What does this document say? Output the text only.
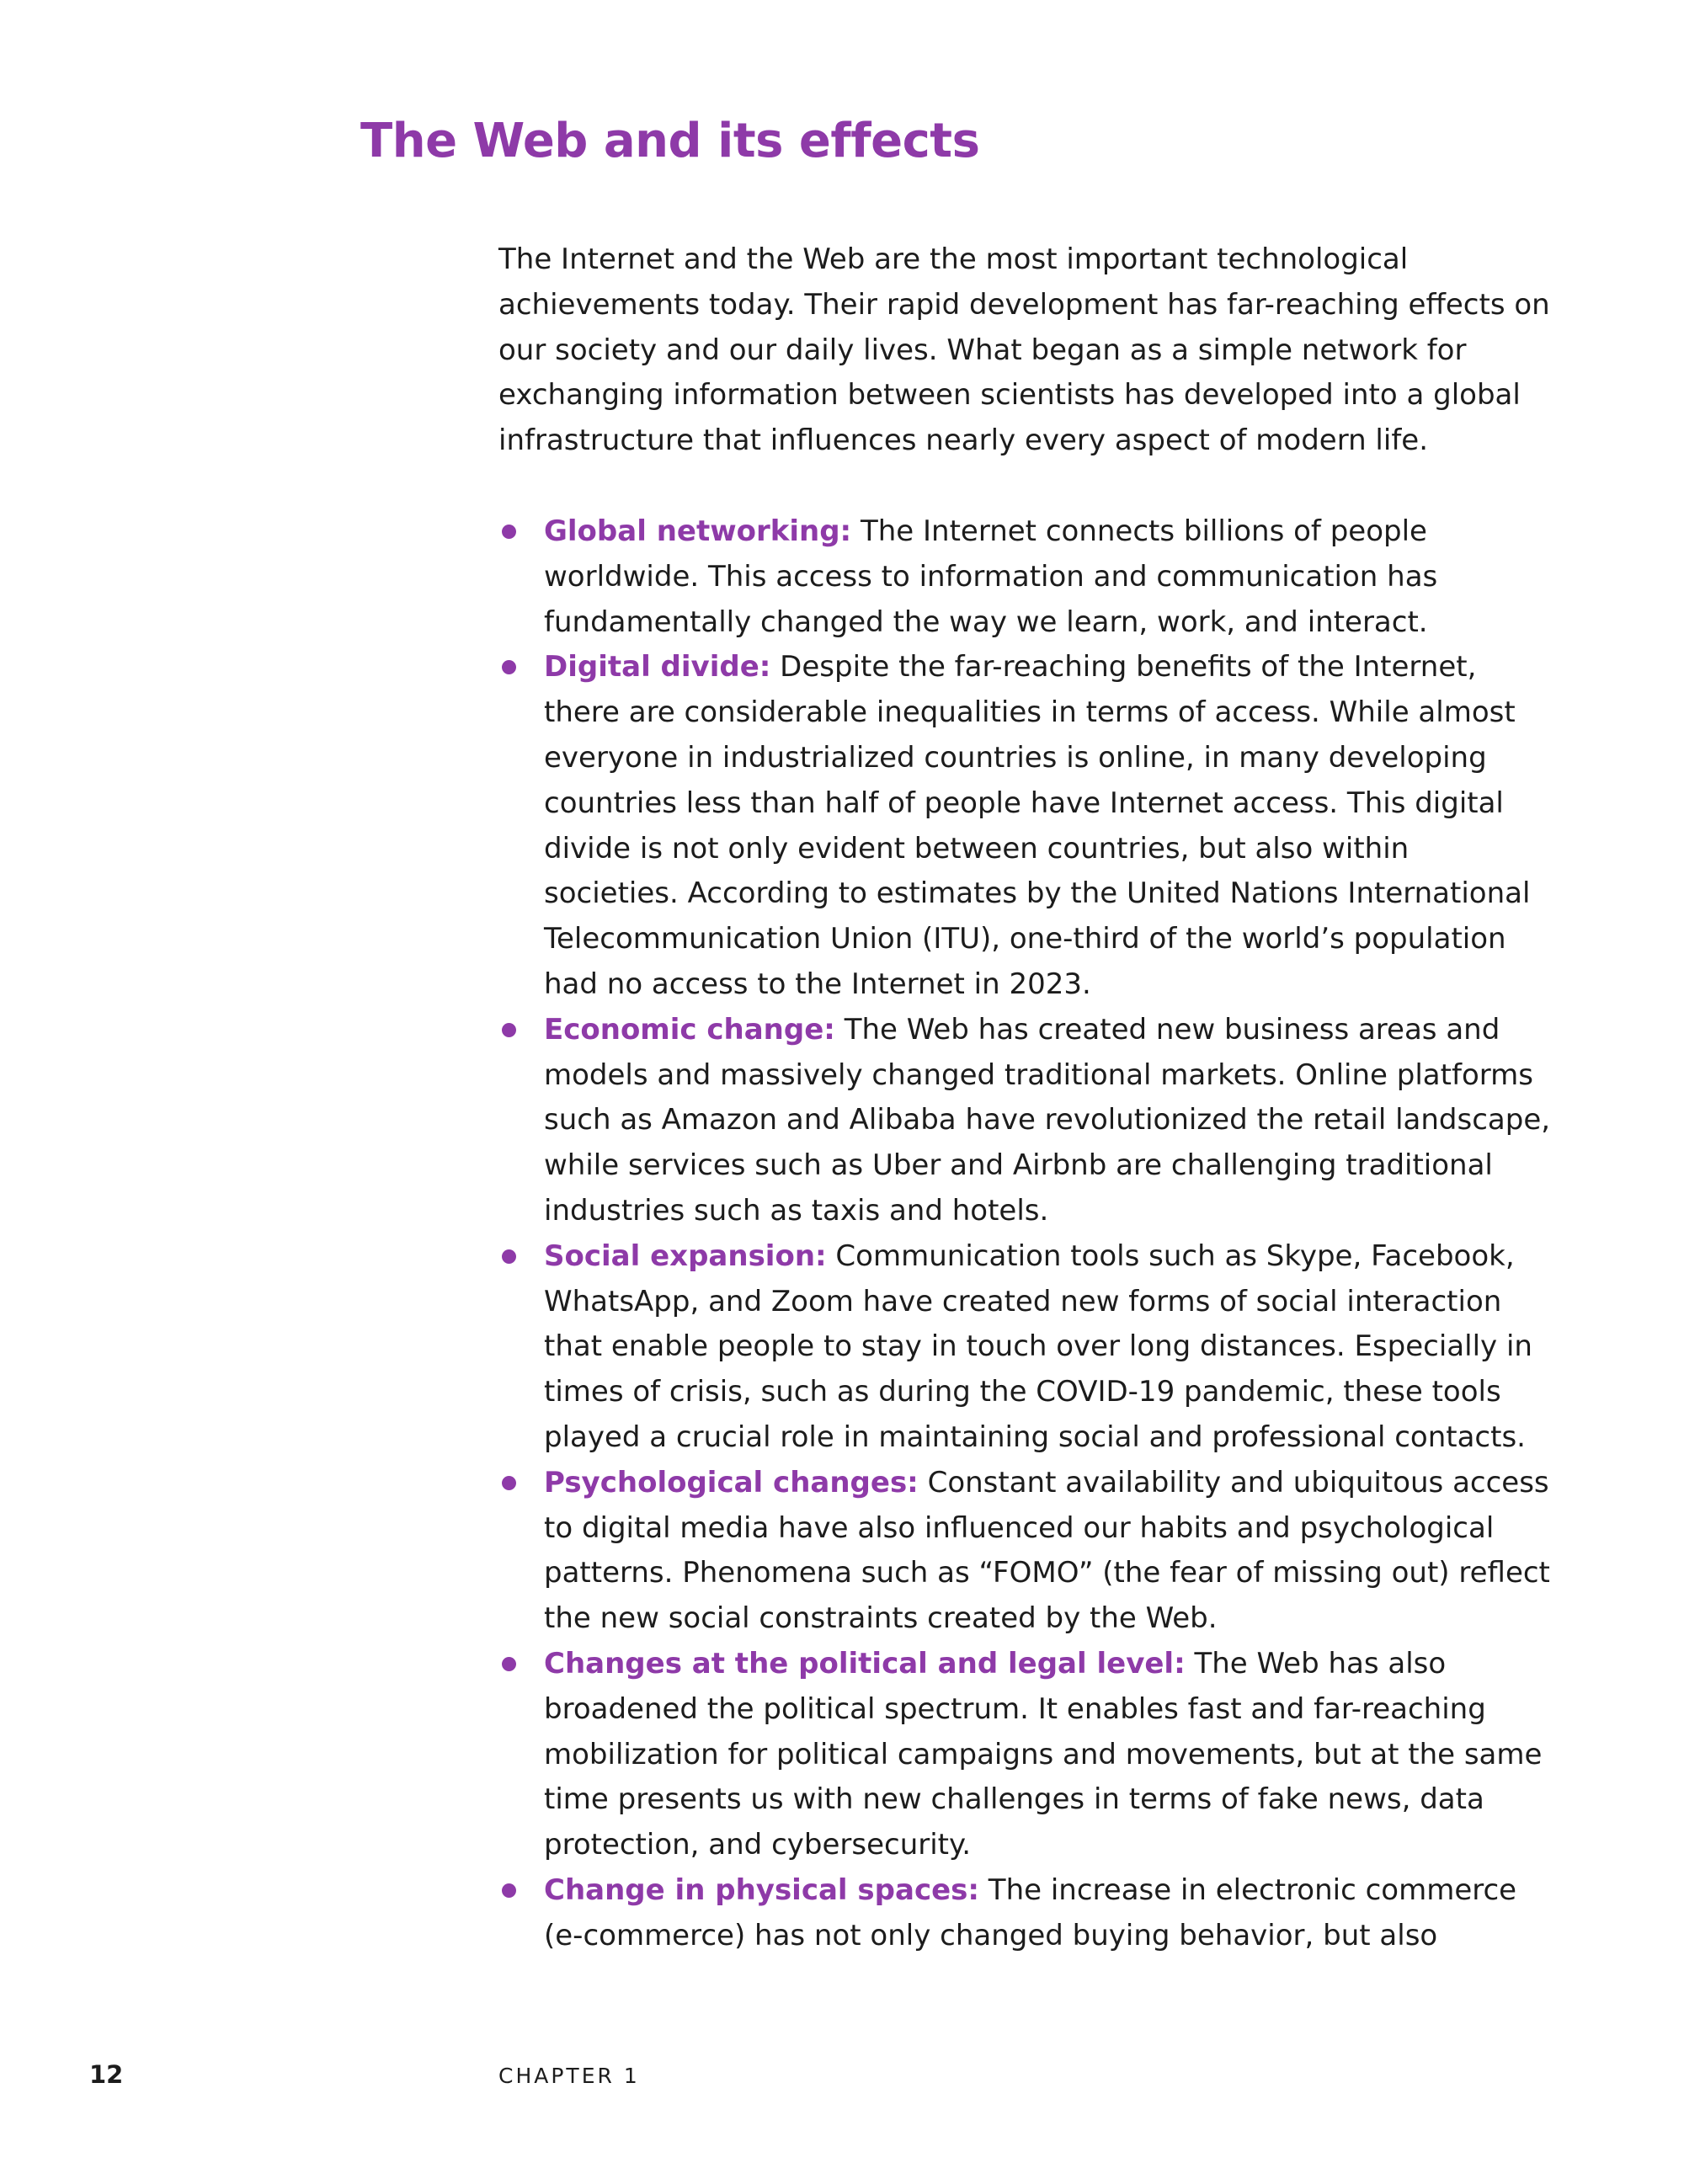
The Web and its effects

The Internet and the Web are the most important technological achievements today. Their rapid development has far-reaching effects on our society and our daily lives. What began as a simple network for exchanging information between scientists has developed into a global infrastructure that influences nearly every aspect of modern life.

Global networking: The Internet connects billions of people worldwide. This access to information and communication has fundamentally changed the way we learn, work, and interact.
Digital divide: Despite the far-reaching benefits of the Internet, there are considerable inequalities in terms of access. While almost everyone in industrialized countries is online, in many developing countries less than half of people have Internet access. This digital divide is not only evident between countries, but also within societies. According to estimates by the United Nations International Telecommunication Union (ITU), one-third of the world’s population had no access to the Internet in 2023.
Economic change: The Web has created new business areas and models and massively changed traditional markets. Online platforms such as Amazon and Alibaba have revolutionized the retail landscape, while services such as Uber and Airbnb are challenging traditional industries such as taxis and hotels.
Social expansion: Communication tools such as Skype, Facebook, WhatsApp, and Zoom have created new forms of social interaction that enable people to stay in touch over long distances. Especially in times of crisis, such as during the COVID-19 pandemic, these tools played a crucial role in maintaining social and professional contacts.
Psychological changes: Constant availability and ubiquitous access to digital media have also influenced our habits and psychological patterns. Phenomena such as “FOMO” (the fear of missing out) reflect the new social constraints created by the Web.
Changes at the political and legal level: The Web has also broadened the political spectrum. It enables fast and far-reaching mobilization for political campaigns and movements, but at the same time presents us with new challenges in terms of fake news, data protection, and cybersecurity.
Change in physical spaces: The increase in electronic commerce (e-commerce) has not only changed buying behavior, but also
12	CHAPTER 1
